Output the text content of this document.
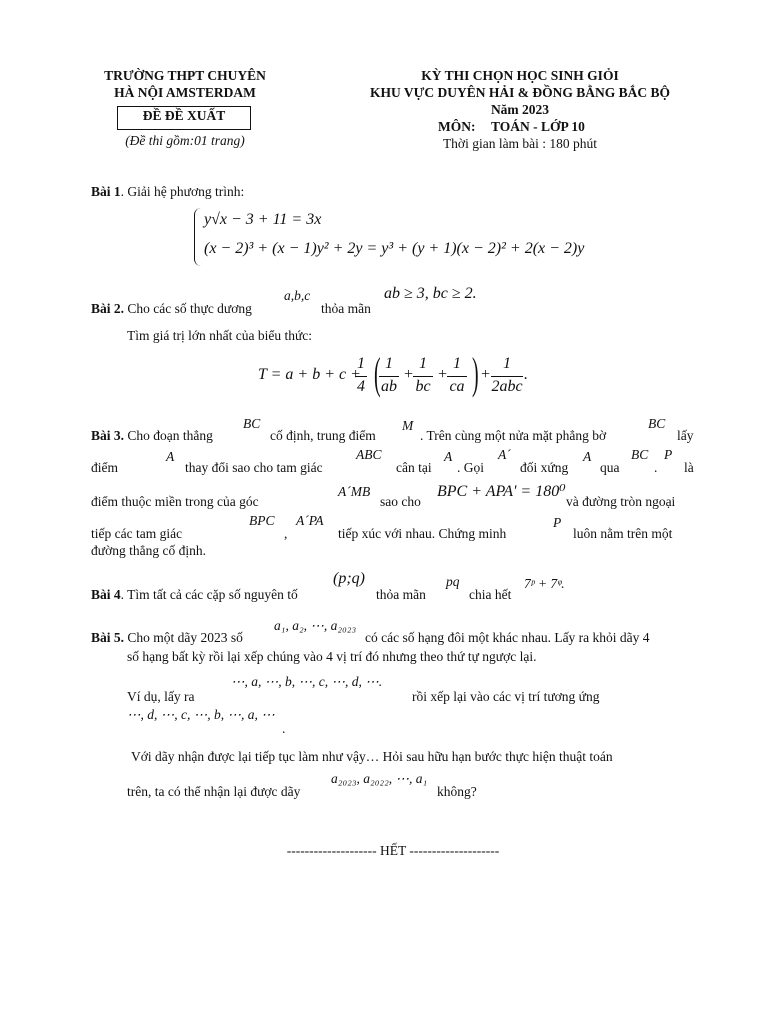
TRƯỜNG THPT CHUYÊN
HÀ NỘI AMSTERDAM
ĐỀ ĐỀ XUẤT
(Đề thi gồm:01 trang)
KỲ THI CHỌN HỌC SINH GIỎI
KHU VỰC DUYÊN HẢI & ĐỒNG BẰNG BẮC BỘ
Năm 2023
MÔN: TOÁN - LỚP 10
Thời gian làm bài : 180 phút
Bài 1. Giải hệ phương trình:
y√x − 3 + 11 = 3x
(x − 2)³ + (x − 1)y² + 2y = y³ + (y + 1)(x − 2)² + 2(x − 2)y
Bài 2. Cho các số thực dương
a,b,c
thỏa mãn
ab ≥ 3, bc ≥ 2.
Tìm giá trị lớn nhất của biểu thức:
T = a + b + c +
1
4 ( 1
ab
+
1
bc
+
1
ca ) +
1
2abc
.
Bài 3. Cho đoạn thẳng
BC
cố định, trung điểm
M
. Trên cùng một nửa mặt phẳng bờ
BC
lấy
điểm
A
thay đổi sao cho tam giác
ABC
cân tại
A
. Gọi
A´
đối xứng
A
qua
BC
.
P
là
điểm thuộc miền trong của góc
A´MB
sao cho
BPC + APA' = 180⁰
và đường tròn ngoại
tiếp các tam giác
BPC
,
A´PA
tiếp xúc với nhau. Chứng minh
P
luôn nằm trên một
đường thẳng cố định.
Bài 4. Tìm tất cả các cặp số nguyên tố
(p;q)
thỏa mãn
pq
chia hết
7ᵖ + 7ᵠ.
Bài 5. Cho một dãy 2023 số
a₁, a₂, ⋯, a₂₀₂₃
có các số hạng đôi một khác nhau. Lấy ra khỏi dãy 4
số hạng bất kỳ rồi lại xếp chúng vào 4 vị trí đó nhưng theo thứ tự ngược lại.
⋯, a, ⋯, b, ⋯, c, ⋯, d, ⋯.
Ví dụ, lấy ra	rồi xếp lại vào các vị trí tương ứng
⋯, d, ⋯, c, ⋯, b, ⋯, a, ⋯
.
Với dãy nhận được lại tiếp tục làm như vậy… Hỏi sau hữu hạn bước thực hiện thuật toán
a₂₀₂₃, a₂₀₂₂, ⋯, a₁
trên, ta có thể nhận lại được dãy	không?
-------------------- HẾT --------------------
